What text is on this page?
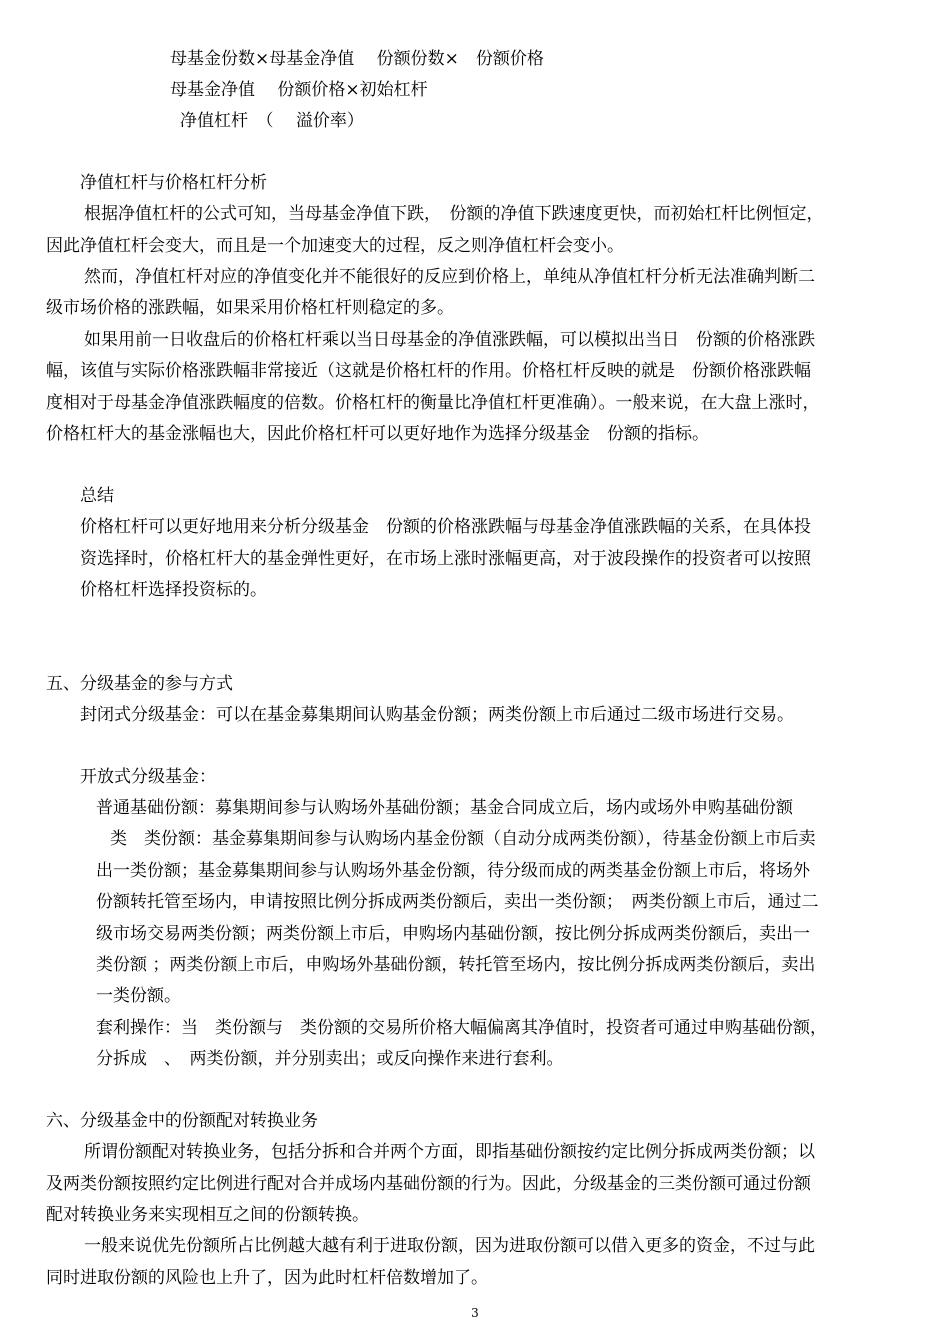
母基金份数×母基金净值　 份额份数×　份额价格
母基金净值　 份额价格×初始杠杆
净值杠杆　（　 溢价率）
净值杠杆与价格杠杆分析
根据净值杠杆的公式可知，当母基金净值下跌，　份额的净值下跌速度更快，而初始杠杆比例恒定，
因此净值杠杆会变大，而且是一个加速变大的过程，反之则净值杠杆会变小。
然而，净值杠杆对应的净值变化并不能很好的反应到价格上，单纯从净值杠杆分析无法准确判断二
级市场价格的涨跌幅，如果采用价格杠杆则稳定的多。
如果用前一日收盘后的价格杠杆乘以当日母基金的净值涨跌幅，可以模拟出当日　份额的价格涨跌
幅，该值与实际价格涨跌幅非常接近（这就是价格杠杆的作用。价格杠杆反映的就是　份额价格涨跌幅
度相对于母基金净值涨跌幅度的倍数。价格杠杆的衡量比净值杠杆更准确）。一般来说，在大盘上涨时，
价格杠杆大的基金涨幅也大，因此价格杠杆可以更好地作为选择分级基金　份额的指标。
总结
价格杠杆可以更好地用来分析分级基金　份额的价格涨跌幅与母基金净值涨跌幅的关系，在具体投
资选择时，价格杠杆大的基金弹性更好，在市场上涨时涨幅更高，对于波段操作的投资者可以按照
价格杠杆选择投资标的。
五、分级基金的参与方式
封闭式分级基金：可以在基金募集期间认购基金份额；两类份额上市后通过二级市场进行交易。
开放式分级基金：
普通基础份额：募集期间参与认购场外基础份额；基金合同成立后，场内或场外申购基础份额
类　类份额：基金募集期间参与认购场内基金份额（自动分成两类份额），待基金份额上市后卖
出一类份额；基金募集期间参与认购场外基金份额，待分级而成的两类基金份额上市后，将场外
份额转托管至场内，申请按照比例分拆成两类份额后，卖出一类份额；　两类份额上市后，通过二
级市场交易两类份额；两类份额上市后，申购场内基础份额，按比例分拆成两类份额后，卖出一
类份额 ；两类份额上市后，申购场外基础份额，转托管至场内，按比例分拆成两类份额后，卖出
一类份额。
套利操作：当　类份额与　类份额的交易所价格大幅偏离其净值时，投资者可通过申购基础份额，
分拆成　、　两类份额，并分别卖出；或反向操作来进行套利。
六、分级基金中的份额配对转换业务
所谓份额配对转换业务，包括分拆和合并两个方面，即指基础份额按约定比例分拆成两类份额；以
及两类份额按照约定比例进行配对合并成场内基础份额的行为。因此，分级基金的三类份额可通过份额
配对转换业务来实现相互之间的份额转换。
一般来说优先份额所占比例越大越有利于进取份额，因为进取份额可以借入更多的资金，不过与此
同时进取份额的风险也上升了，因为此时杠杆倍数增加了。
3
